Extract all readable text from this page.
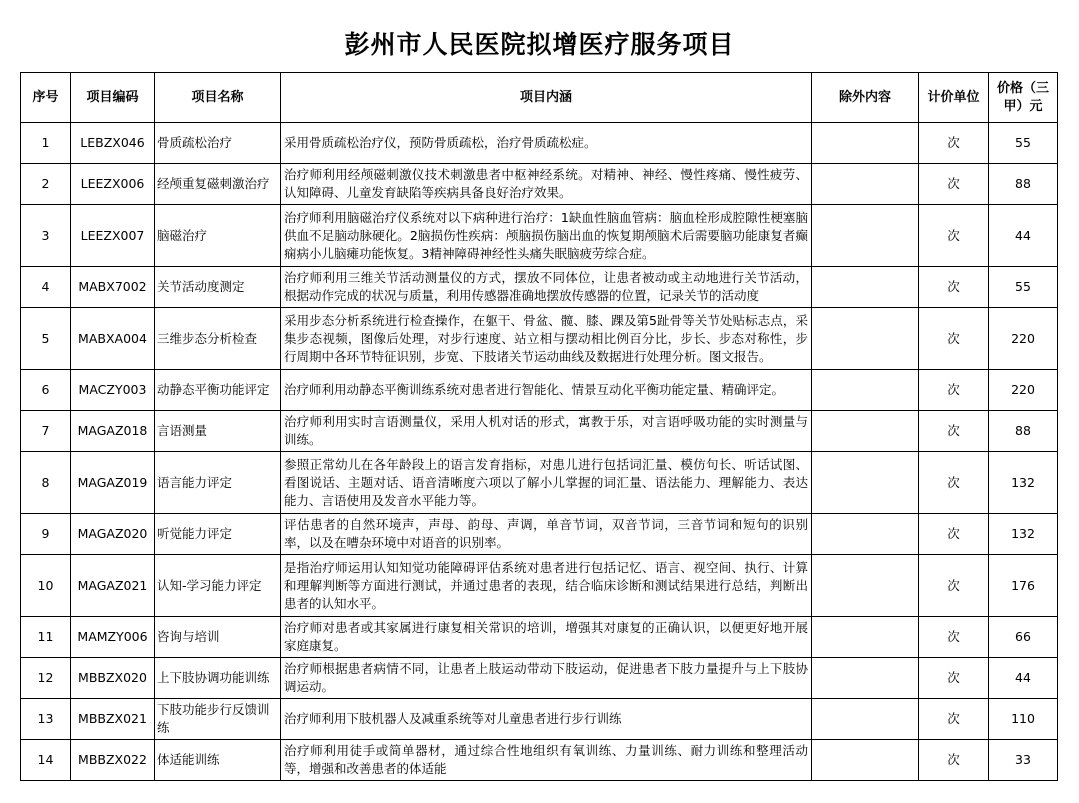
彭州市人民医院拟增医疗服务项目
序号	项目编码	项目名称	项目内涵	除外内容	计价单位	价格（三甲）元
1	LEBZX046	骨质疏松治疗	采用骨质疏松治疗仪，预防骨质疏松，治疗骨质疏松症。		次	55
2	LEEZX006	经颅重复磁刺激治疗	治疗师利用经颅磁刺激仪技术刺激患者中枢神经系统。对精神、神经、慢性疼痛、慢性疲劳、认知障碍、儿童发育缺陷等疾病具备良好治疗效果。		次	88
3	LEEZX007	脑磁治疗	治疗师利用脑磁治疗仪系统对以下病种进行治疗：1缺血性脑血管病：脑血栓形成腔隙性梗塞脑供血不足脑动脉硬化。2脑损伤性疾病：颅脑损伤脑出血的恢复期颅脑术后需要脑功能康复者癫痫病小儿脑瘫功能恢复。3精神障碍神经性头痛失眠脑疲劳综合症。		次	44
4	MABX7002	关节活动度测定	治疗师利用三维关节活动测量仪的方式，摆放不同体位，让患者被动或主动地进行关节活动，根据动作完成的状况与质量，利用传感器准确地摆放传感器的位置，记录关节的活动度		次	55
5	MABXA004	三维步态分析检查	采用步态分析系统进行检查操作，在躯干、骨盆、髋、膝、踝及第5趾骨等关节处贴标志点，采集步态视频，图像后处理，对步行速度、站立相与摆动相比例百分比，步长、步态对称性，步行周期中各环节特征识别，步宽、下肢诸关节运动曲线及数据进行处理分析。图文报告。		次	220
6	MACZY003	动静态平衡功能评定	治疗师利用动静态平衡训练系统对患者进行智能化、情景互动化平衡功能定量、精确评定。		次	220
7	MAGAZ018	言语测量	治疗师利用实时言语测量仪，采用人机对话的形式，寓教于乐，对言语呼吸功能的实时测量与训练。		次	88
8	MAGAZ019	语言能力评定	参照正常幼儿在各年龄段上的语言发育指标，对患儿进行包括词汇量、模仿句长、听话试图、看图说话、主题对话、语音清晰度六项以了解小儿掌握的词汇量、语法能力、理解能力、表达能力、言语使用及发音水平能力等。		次	132
9	MAGAZ020	听觉能力评定	评估患者的自然环境声，声母、韵母、声调，单音节词，双音节词，三音节词和短句的识别率，以及在嘈杂环境中对语音的识别率。		次	132
10	MAGAZ021	认知-学习能力评定	是指治疗师运用认知知觉功能障碍评估系统对患者进行包括记忆、语言、视空间、执行、计算和理解判断等方面进行测试，并通过患者的表现，结合临床诊断和测试结果进行总结，判断出患者的认知水平。		次	176
11	MAMZY006	咨询与培训	治疗师对患者或其家属进行康复相关常识的培训，增强其对康复的正确认识，以便更好地开展家庭康复。		次	66
12	MBBZX020	上下肢协调功能训练	治疗师根据患者病情不同，让患者上肢运动带动下肢运动，促进患者下肢力量提升与上下肢协调运动。		次	44
13	MBBZX021	下肢功能步行反馈训练	治疗师利用下肢机器人及减重系统等对儿童患者进行步行训练		次	110
14	MBBZX022	体适能训练	治疗师利用徒手或简单器材，通过综合性地组织有氧训练、力量训练、耐力训练和整理活动等，增强和改善患者的体适能		次	33
